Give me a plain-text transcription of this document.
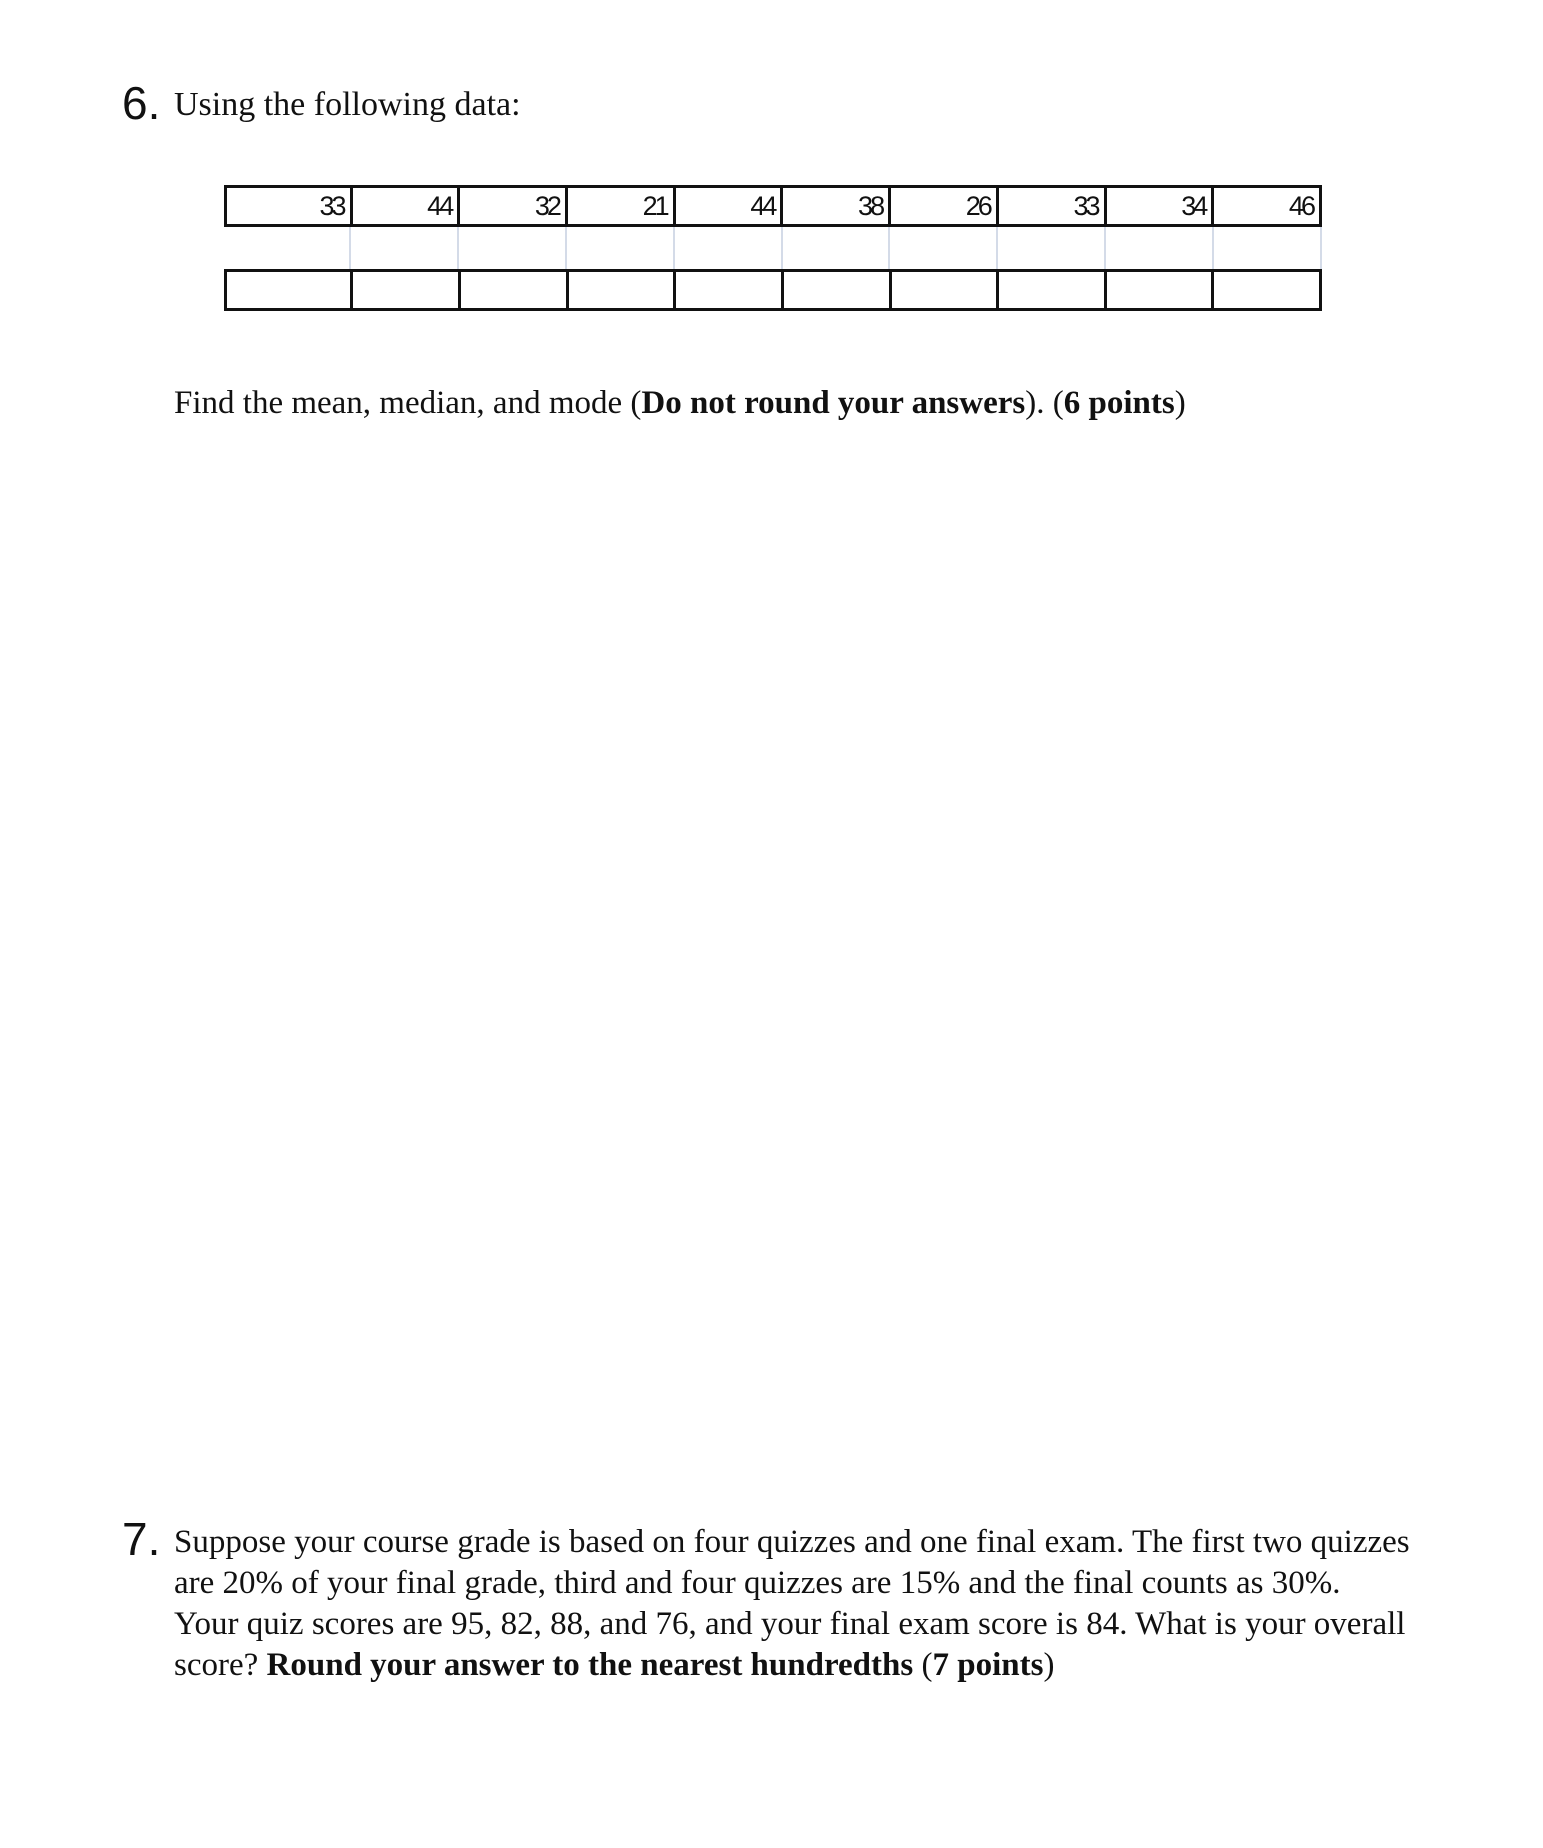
6. Using the following data:
33	44	32	21	44	38	26	33	34	46
Find the mean, median, and mode (Do not round your answers). (6 points)
7. Suppose your course grade is based on four quizzes and one final exam. The first two quizzes
are 20% of your final grade, third and four quizzes are 15% and the final counts as 30%.
Your quiz scores are 95, 82, 88, and 76, and your final exam score is 84. What is your overall
score? Round your answer to the nearest hundredths (7 points)
